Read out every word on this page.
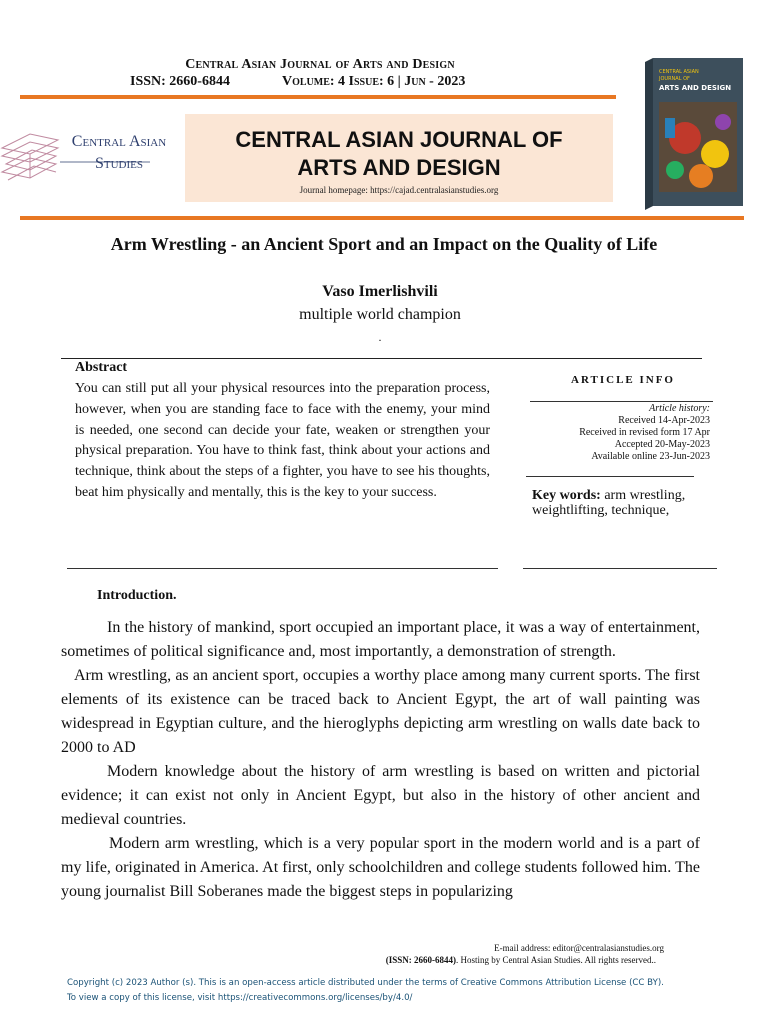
Central Asian Journal of Arts and Design
ISSN: 2660-6844	Volume: 4 Issue: 6 | Jun - 2023
Central Asian
Studies
CENTRAL ASIAN JOURNAL OF
ARTS AND DESIGN
Journal homepage: https://cajad.centralasianstudies.org
CENTRAL ASIAN
JOURNAL OF
ARTS AND DESIGN
Arm Wrestling - an Ancient Sport and an Impact on the Quality of Life
Vaso Imerlishvili
multiple world champion
.
Abstract
You can still put all your physical resources into the preparation process, however, when you are standing face to face with the enemy, your mind is needed, one second can decide your fate, weaken or strengthen your physical preparation. You have to think fast, think about your actions and technique, think about the steps of a fighter, you have to see his thoughts, beat him physically and mentally, this is the key to your success.
ARTICLE INFO
Article history:
Received 14-Apr-2023
Received in revised form 17 Apr
Accepted 20-May-2023
Available online 23-Jun-2023
Key words: arm wrestling, weightlifting, technique,
Introduction.

In the history of mankind, sport occupied an important place, it was a way of entertainment, sometimes of political significance and, most importantly, a demonstration of strength.

Arm wrestling, as an ancient sport, occupies a worthy place among many current sports. The first elements of its existence can be traced back to Ancient Egypt, the art of wall painting was widespread in Egyptian culture, and the hieroglyphs depicting arm wrestling on walls date back to 2000 to AD

Modern knowledge about the history of arm wrestling is based on written and pictorial evidence; it can exist not only in Ancient Egypt, but also in the history of other ancient and medieval countries.

Modern arm wrestling, which is a very popular sport in the modern world and is a part of my life, originated in America. At first, only schoolchildren and college students followed him. The young journalist Bill Soberanes made the biggest steps in popularizing

E-mail address: editor@centralasianstudies.org
(ISSN: 2660-6844). Hosting by Central Asian Studies. All rights reserved..
Copyright (c) 2023 Author (s). This is an open-access article distributed under the terms of Creative Commons Attribution License (CC BY).
To view a copy of this license, visit https://creativecommons.org/licenses/by/4.0/
